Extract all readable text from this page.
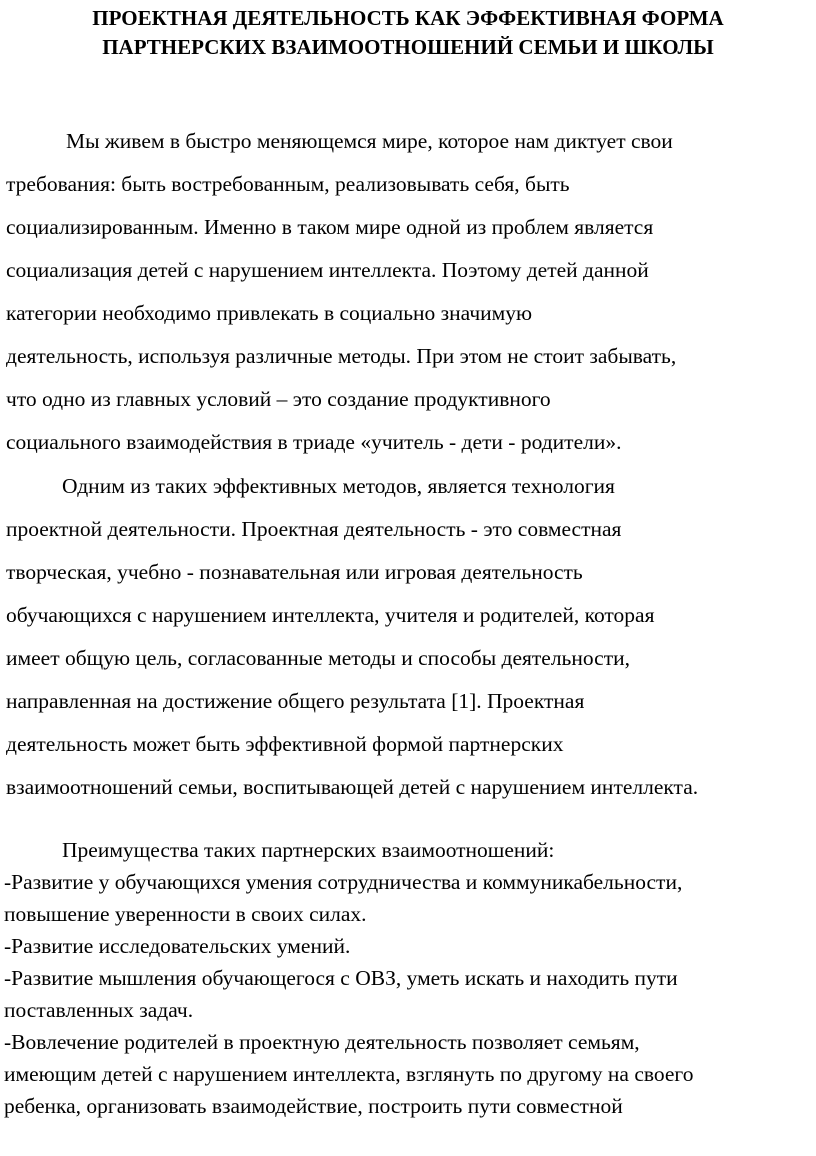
ПРОЕКТНАЯ ДЕЯТЕЛЬНОСТЬ КАК ЭФФЕКТИВНАЯ ФОРМА
ПАРТНЕРСКИХ ВЗАИМООТНОШЕНИЙ СЕМЬИ И ШКОЛЫ
Мы живем в быстро меняющемся мире, которое нам диктует свои
требования: быть востребованным, реализовывать себя, быть
социализированным. Именно в таком мире одной из проблем является
социализация детей с нарушением интеллекта. Поэтому детей данной
категории необходимо привлекать в социально значимую
деятельность, используя различные методы. При этом не стоит забывать,
что одно из главных условий – это создание продуктивного
социального взаимодействия в триаде «учитель - дети - родители».
Одним из таких эффективных методов, является технология
проектной деятельности. Проектная деятельность - это совместная
творческая, учебно - познавательная или игровая деятельность
обучающихся с нарушением интеллекта, учителя и родителей, которая
имеет общую цель, согласованные методы и способы деятельности,
направленная на достижение общего результата [1]. Проектная
деятельность может быть эффективной формой партнерских
взаимоотношений семьи, воспитывающей детей с нарушением интеллекта.
Преимущества таких партнерских взаимоотношений:
-Развитие у обучающихся умения сотрудничества и коммуникабельности,
повышение уверенности в своих силах.
-Развитие исследовательских умений.
-Развитие мышления обучающегося с ОВЗ, уметь искать и находить пути
поставленных задач.
-Вовлечение родителей в проектную деятельность позволяет семьям,
имеющим детей с нарушением интеллекта, взглянуть по другому на своего
ребенка, организовать взаимодействие, построить пути совместной
